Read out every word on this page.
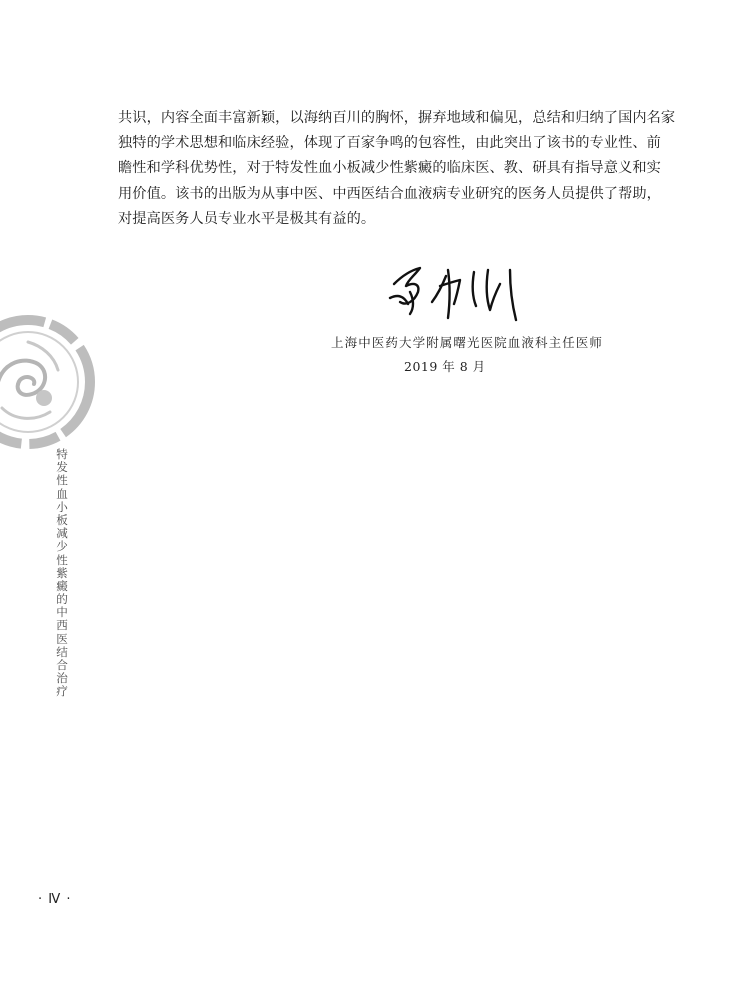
共识，内容全面丰富新颖，以海纳百川的胸怀，摒弃地域和偏见，总结和归纳了国内名家
独特的学术思想和临床经验，体现了百家争鸣的包容性，由此突出了该书的专业性、前
瞻性和学科优势性，对于特发性血小板减少性紫癜的临床医、教、研具有指导意义和实
用价值。该书的出版为从事中医、中西医结合血液病专业研究的医务人员提供了帮助，
对提高医务人员专业水平是极其有益的。

上海中医药大学附属曙光医院血液科主任医师
2019 年 8 月
特
发
性
血
小
板
减
少
性
紫
癜
的
中
西
医
结
合
治
疗
· Ⅳ ·
